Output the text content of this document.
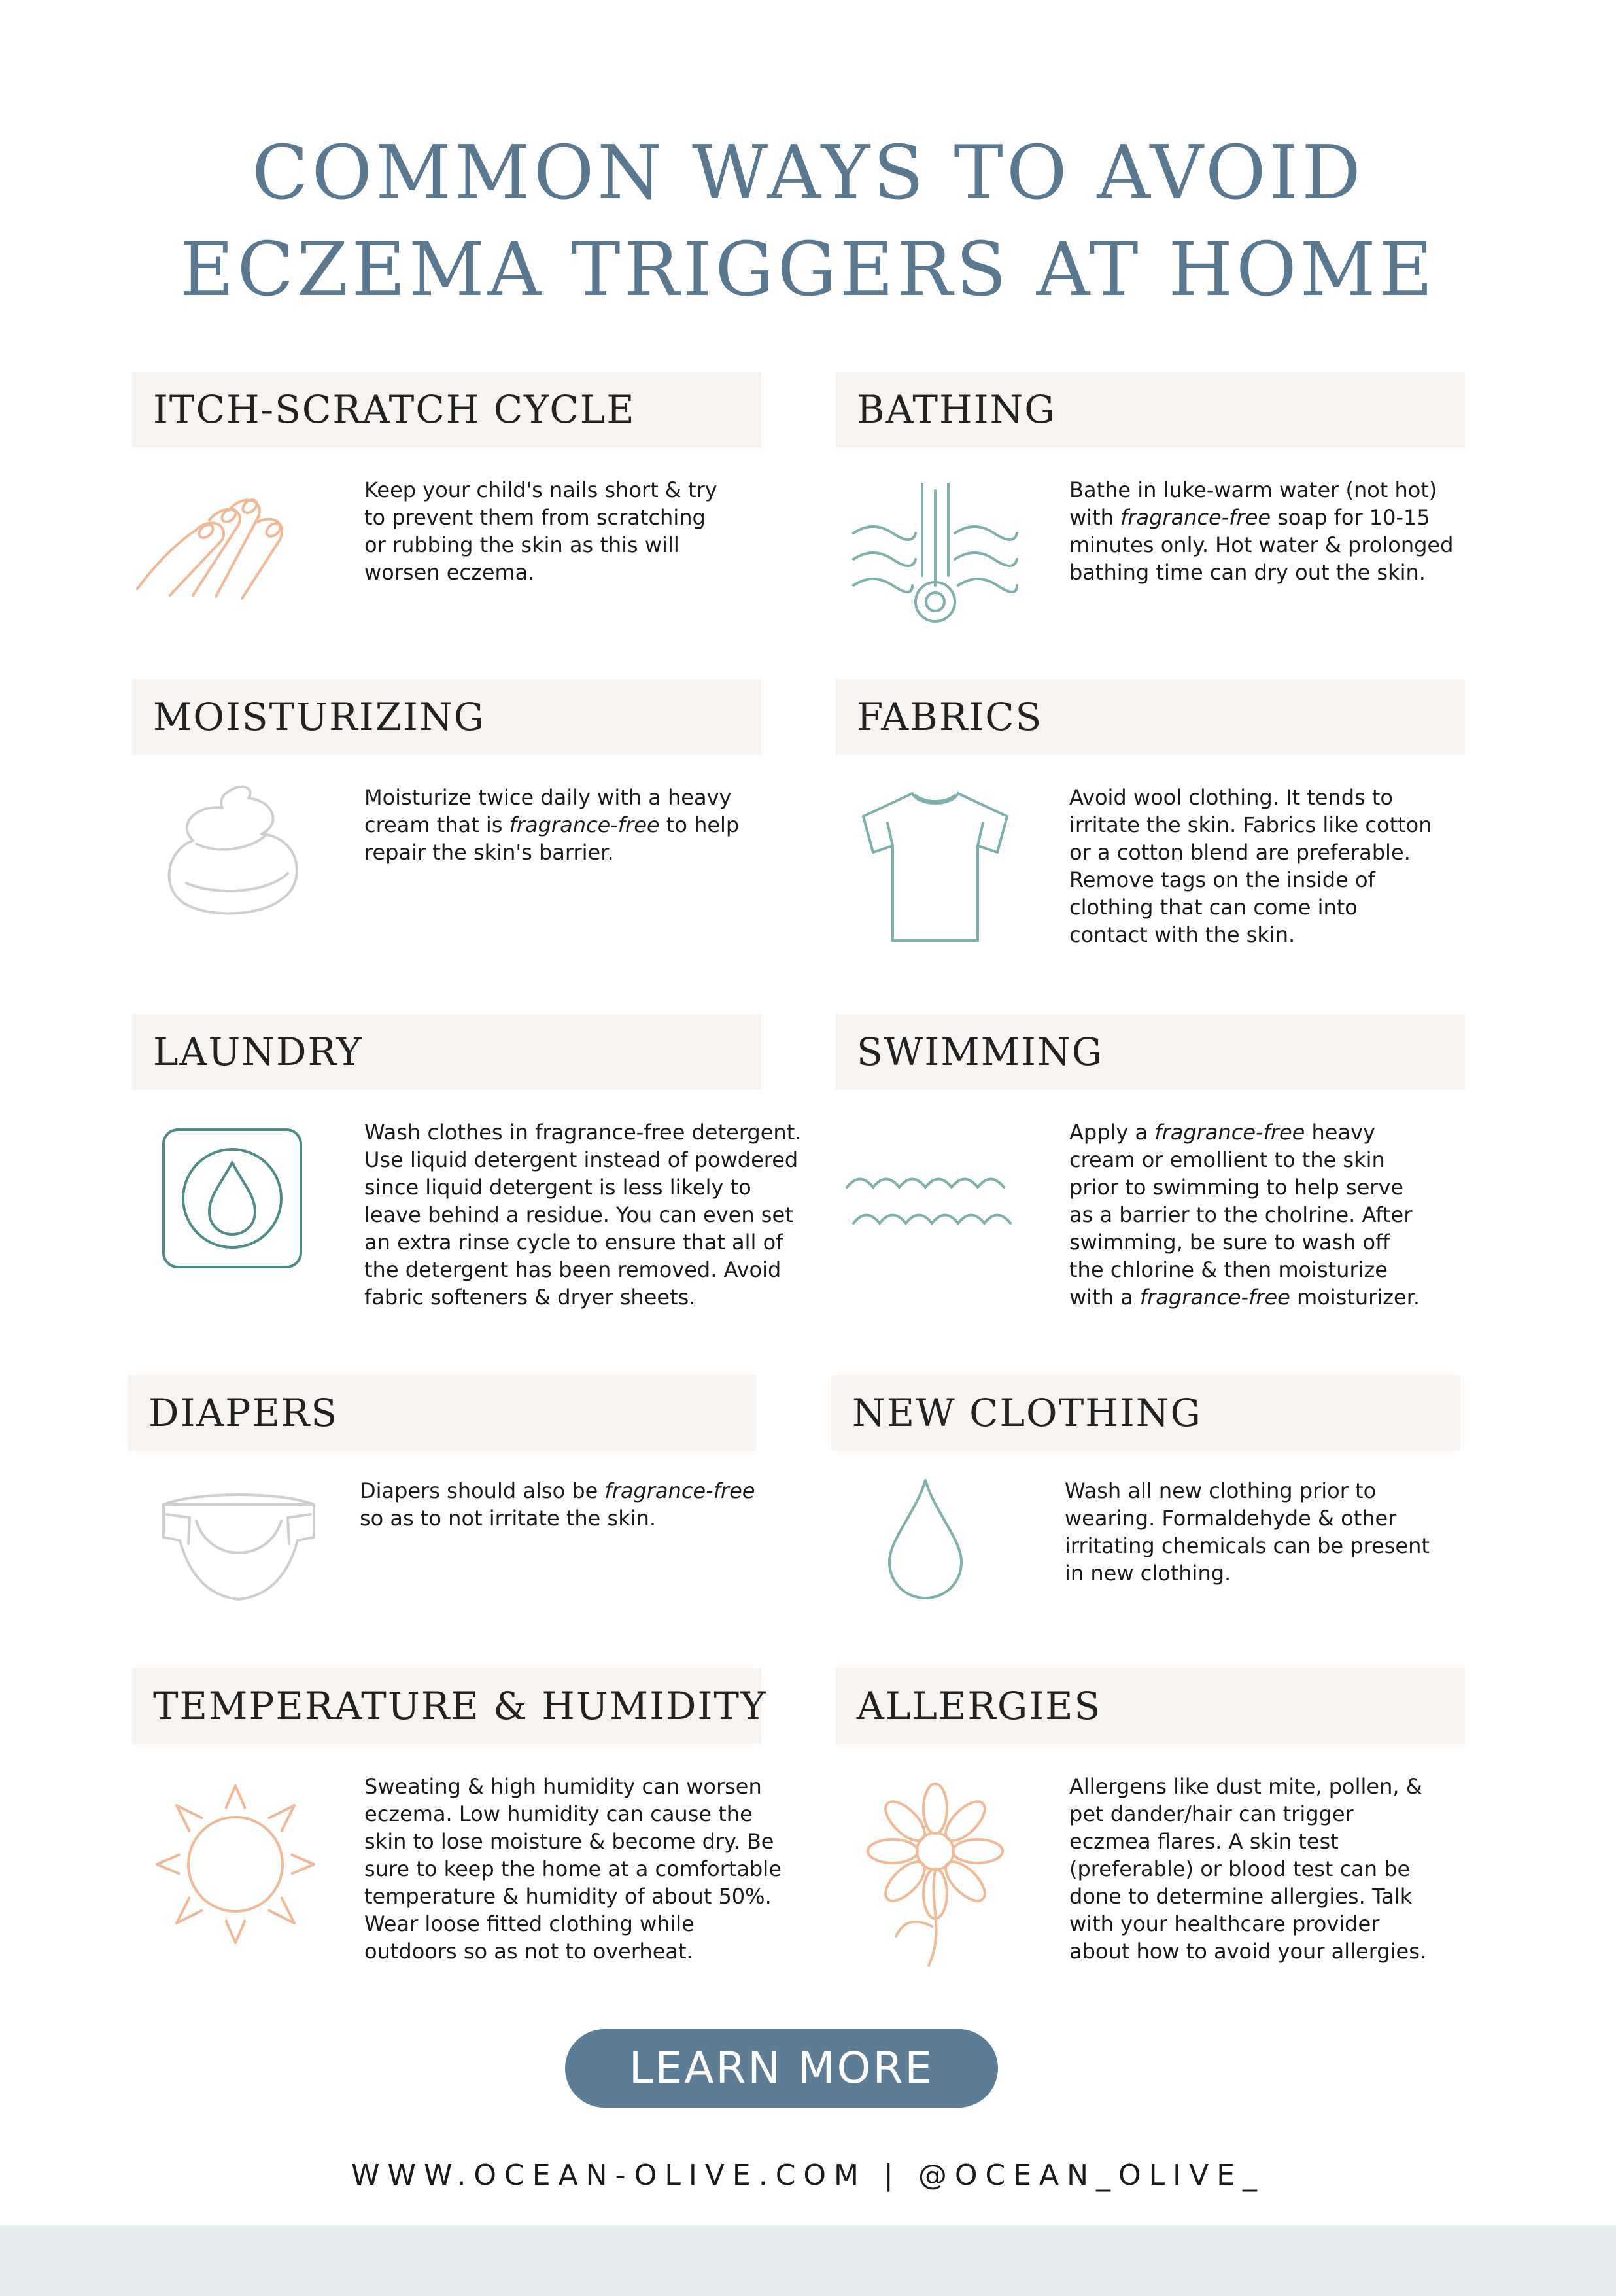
COMMON WAYS TO AVOID
ECZEMA TRIGGERS AT HOME
ITCH-SCRATCH CYCLE
Keep your child's nails short & try
to prevent them from scratching
or rubbing the skin as this will
worsen eczema.
BATHING
Bathe in luke-warm water (not hot)
with fragrance-free soap for 10-15
minutes only. Hot water & prolonged
bathing time can dry out the skin.
MOISTURIZING
Moisturize twice daily with a heavy
cream that is fragrance-free to help
repair the skin's barrier.
FABRICS
Avoid wool clothing. It tends to
irritate the skin. Fabrics like cotton
or a cotton blend are preferable.
Remove tags on the inside of
clothing that can come into
contact with the skin.
LAUNDRY
Wash clothes in fragrance-free detergent.
Use liquid detergent instead of powdered
since liquid detergent is less likely to
leave behind a residue. You can even set
an extra rinse cycle to ensure that all of
the detergent has been removed. Avoid
fabric softeners & dryer sheets.
SWIMMING
Apply a fragrance-free heavy
cream or emollient to the skin
prior to swimming to help serve
as a barrier to the cholrine. After
swimming, be sure to wash off
the chlorine & then moisturize
with a fragrance-free moisturizer.
DIAPERS
Diapers should also be fragrance-free
so as to not irritate the skin.
NEW CLOTHING
Wash all new clothing prior to
wearing. Formaldehyde & other
irritating chemicals can be present
in new clothing.
TEMPERATURE & HUMIDITY
Sweating & high humidity can worsen
eczema. Low humidity can cause the
skin to lose moisture & become dry. Be
sure to keep the home at a comfortable
temperature & humidity of about 50%.
Wear loose fitted clothing while
outdoors so as not to overheat.
ALLERGIES
Allergens like dust mite, pollen, &
pet dander/hair can trigger
eczmea flares. A skin test
(preferable) or blood test can be
done to determine allergies. Talk
with your healthcare provider
about how to avoid your allergies.
LEARN MORE
WWW.OCEAN-OLIVE.COM | @OCEAN_OLIVE_
